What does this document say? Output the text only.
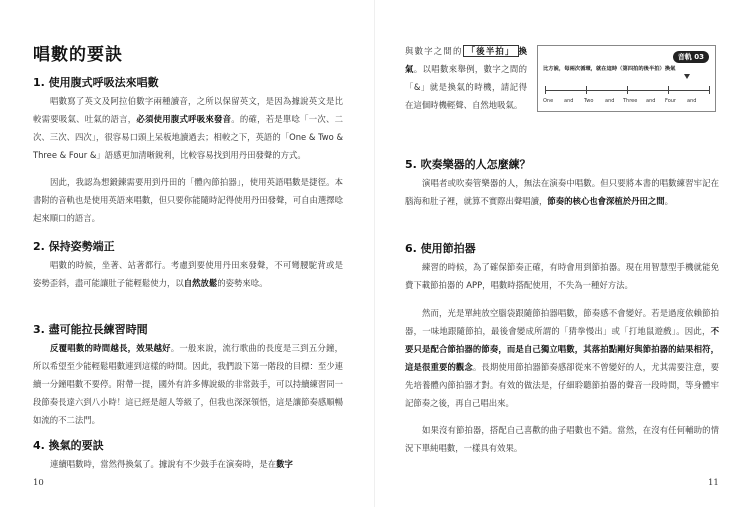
唱數的要訣
1. 使用腹式呼吸法來唱數
唱數寫了英文及阿拉伯數字兩種讀音，之所以保留英文，是因為據說英文是比較需要吸氣、吐氣的語言，必須使用腹式呼吸來發音。的確，若是單唸「一次、二次、三次、四次」，很容易口頭上呆板地讀過去；相較之下，英語的「One & Two & Three & Four &」語感更加清晰銳利，比較容易找到用丹田發聲的方式。
因此，我認為想鍛鍊需要用到丹田的「體內節拍器」，使用英語唱數是捷徑。本書附的音軌也是使用英語來唱數，但只要你能隨時記得使用丹田發聲，可自由選擇唸起來順口的語言。
2. 保持姿勢端正
唱數的時候，坐著、站著都行。考慮到要使用丹田來發聲，不可彎腰駝背或是姿勢歪斜，盡可能讓肚子能輕鬆使力，以自然放鬆的姿勢來唸。
3. 盡可能拉長練習時間
反覆唱數的時間越長，效果越好。一般來說，流行歌曲的長度是三到五分鐘，所以希望至少能輕鬆唱數連到這樣的時間。因此，我們設下第一階段的目標：至少連續一分鐘唱數不要停。附帶一提，國外有許多傳說級的非常鼓手，可以持續練習同一段節奏長達六到八小時！這已經是超人等級了，但我也深深領悟，這是讓節奏感順暢如流的不二法門。
4. 換氣的要訣
連續唱數時，當然得換氣了。據說有不少鼓手在演奏時，是在數字
10
與數字之間的 「後半拍」 換氣。以唱數來舉例，數字之間的「&」就是換氣的時機，請記得在這個時機輕聲、自然地吸氣。
5. 吹奏樂器的人怎麼練？
演唱者或吹奏管樂器的人，無法在演奏中唱數。但只要將本書的唱數練習牢記在腦海和肚子裡，就算不實際出聲唱讀，節奏的核心也會深植於丹田之間。
6. 使用節拍器
練習的時候，為了確保節奏正確，有時會用到節拍器。現在用智慧型手機就能免費下載節拍器的 APP，唱數時搭配使用，不失為一種好方法。
然而，光是單純放空腦袋跟隨節拍器唱數，節奏感不會變好。若是過度依賴節拍器，一味地跟隨節拍，最後會變成所謂的「猜拳慢出」或「打地鼠遊戲」。因此，不要只是配合節拍器的節奏，而是自己獨立唱數，其落拍點剛好與節拍器的結果相符，這是很重要的觀念。長期使用節拍器節奏感卻從來不曾變好的人，尤其需要注意，要先培養體內節拍器才對。有效的做法是，仔細聆聽節拍器的聲音一段時間，等身體牢記節奏之後，再自己唱出來。
如果沒有節拍器，搭配自己喜歡的曲子唱數也不錯。當然，在沒有任何輔助的情況下單純唱數，一樣具有效果。
11
音軌 03
比方說，每兩次循環，就在這時（第四拍的後半拍）換氣
One and Two and Three and Four and
